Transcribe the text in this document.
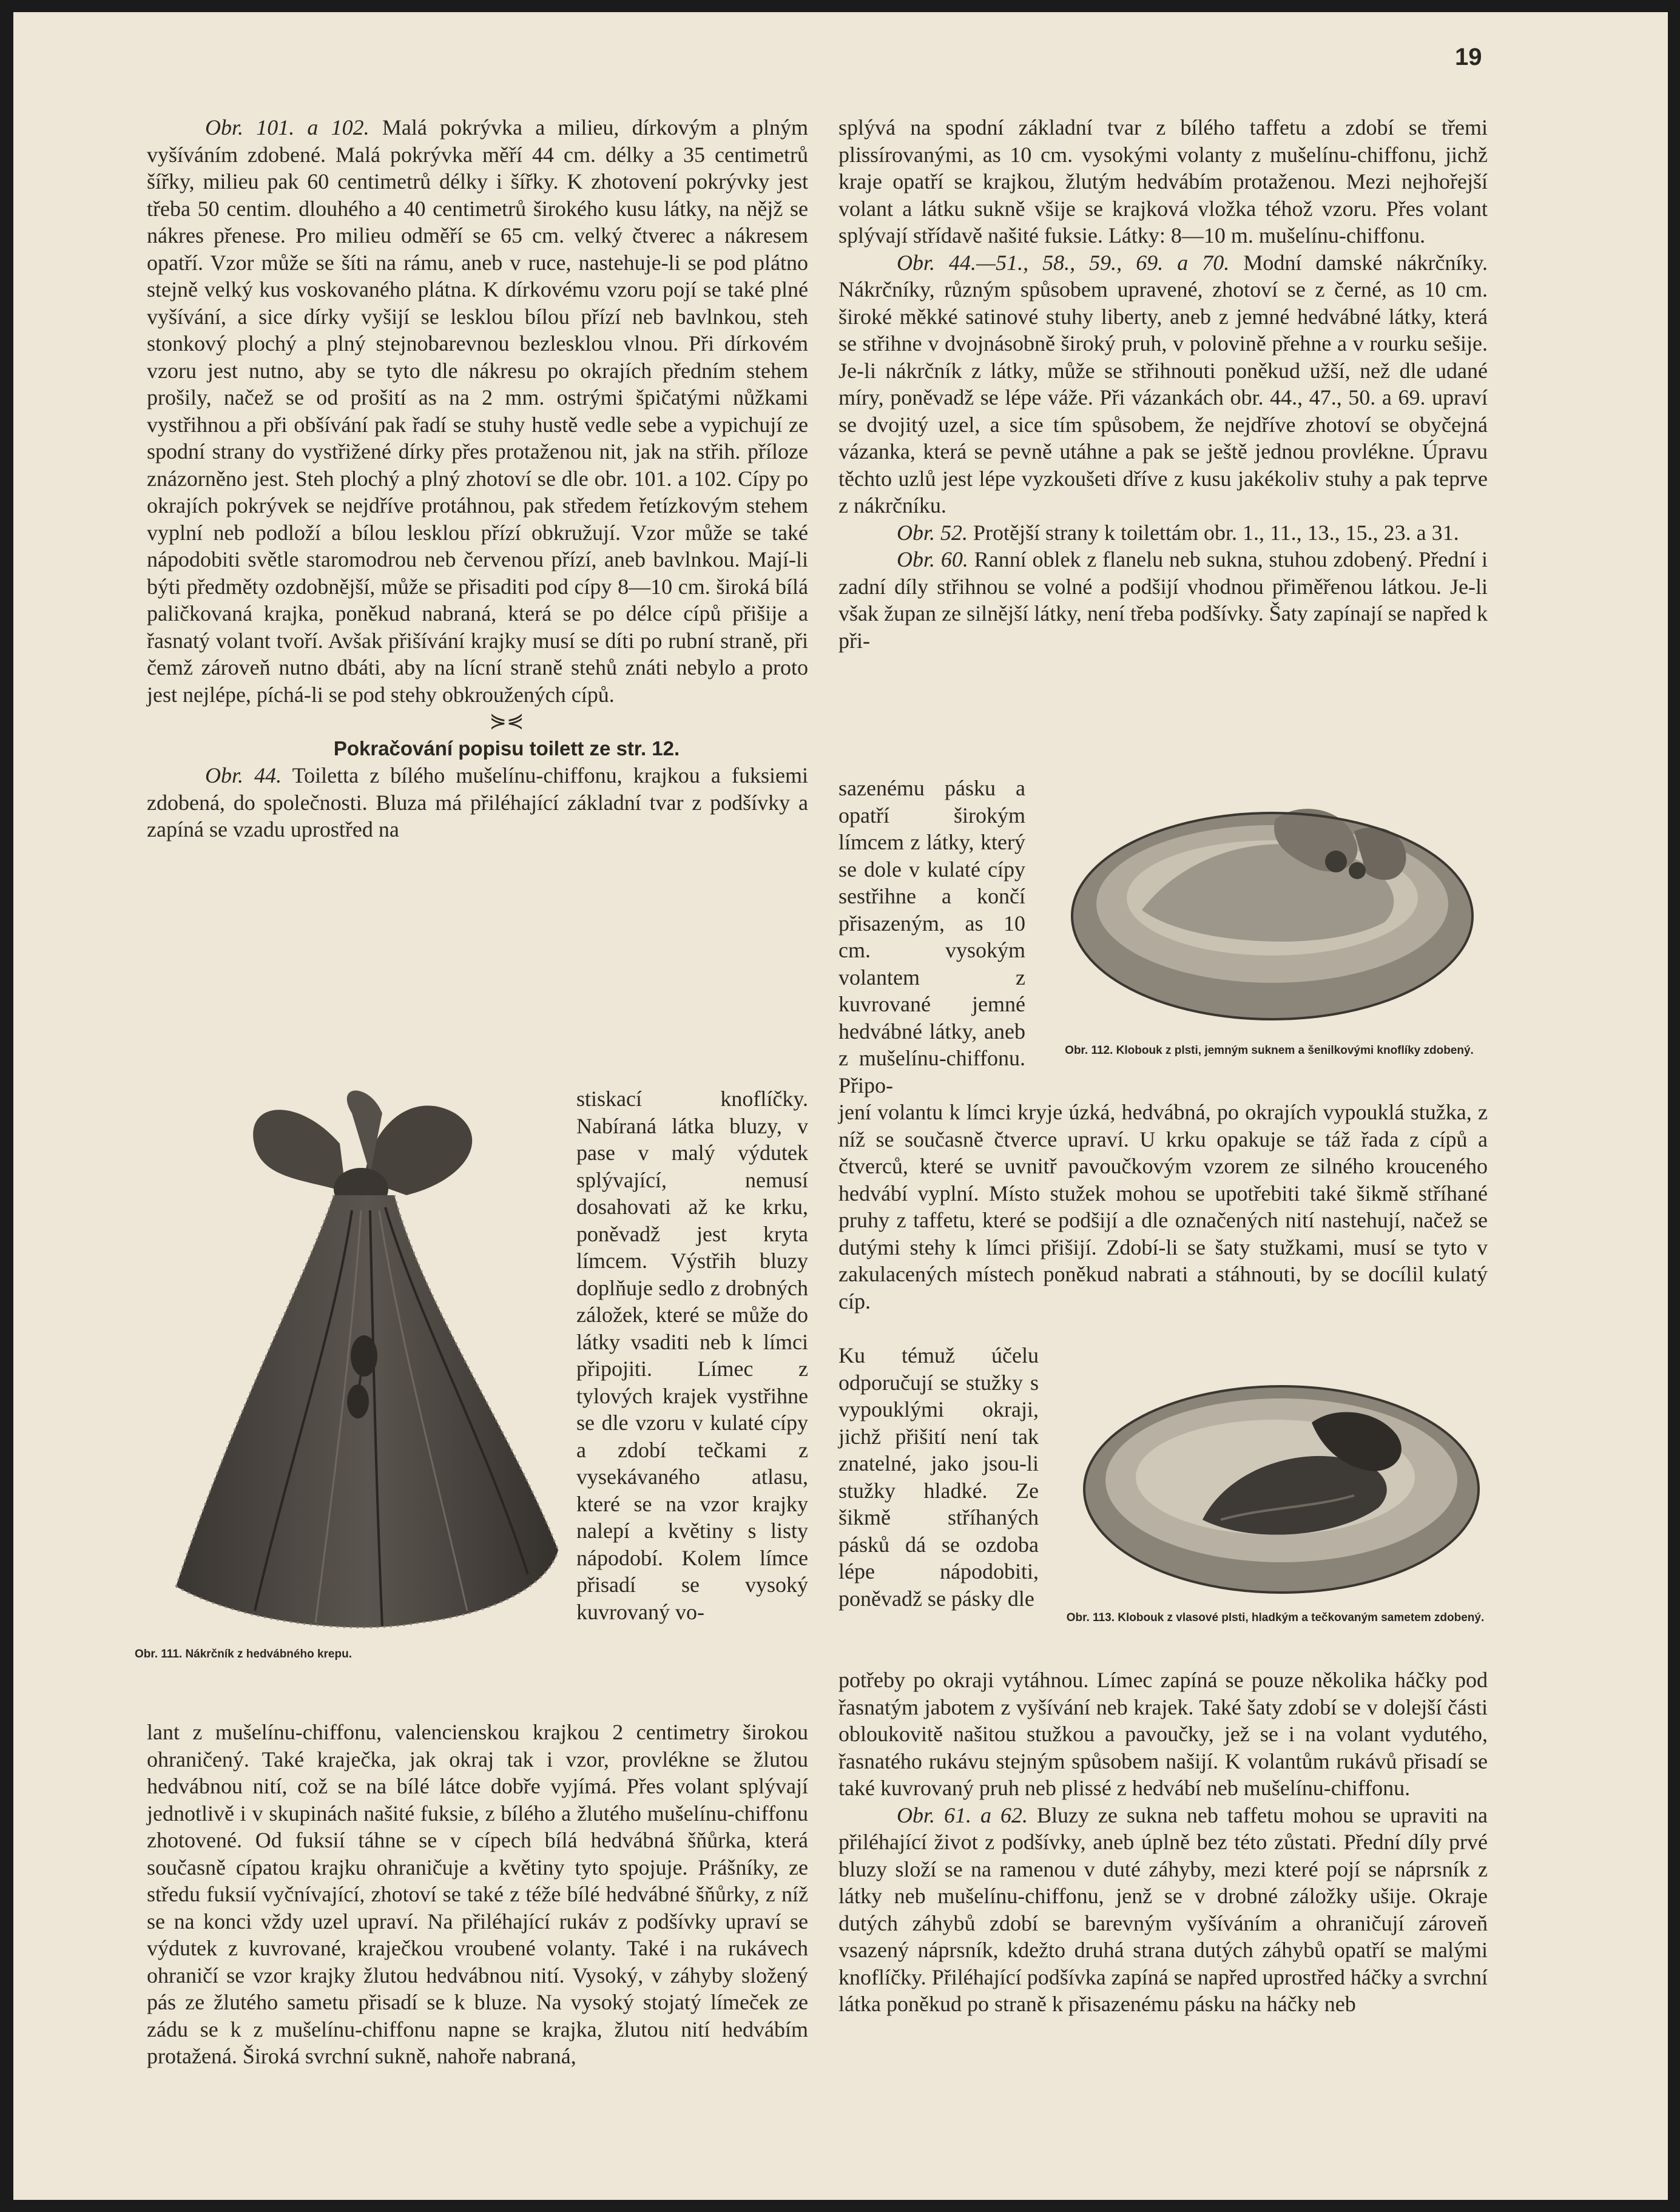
19

Obr. 101. a 102. Malá pokrývka a milieu, dírkovým a plným vyšíváním zdobené. Malá pokrývka měří 44 cm. délky a 35 centimetrů šířky, milieu pak 60 centimetrů délky i šířky. K zhotovení pokrývky jest třeba 50 centim. dlouhého a 40 centimetrů širokého kusu látky, na nějž se nákres přenese. Pro milieu odměří se 65 cm. velký čtverec a nákresem opatří. Vzor může se šíti na rámu, aneb v ruce, nastehuje-li se pod plátno stejně velký kus voskovaného plátna. K dírkovému vzoru pojí se také plné vyšívání, a sice dírky vyšijí se lesklou bílou přízí neb bavlnkou, steh stonkový plochý a plný stejnobarevnou bezlesklou vlnou. Při dírkovém vzoru jest nutno, aby se tyto dle nákresu po okrajích předním stehem prošily, načež se od prošití as na 2 mm. ostrými špičatými nůžkami vystřihnou a při obšívání pak řadí se stuhy hustě vedle sebe a vypichují ze spodní strany do vystřižené dírky přes protaženou nit, jak na střih. příloze znázorněno jest. Steh plochý a plný zhotoví se dle obr. 101. a 102. Cípy po okrajích pokrývek se nejdříve protáhnou, pak středem řetízkovým stehem vyplní neb podloží a bílou lesklou přízí obkružují. Vzor může se také nápodobiti světle staromodrou neb červenou přízí, aneb bavlnkou. Mají-li býti předměty ozdobnější, může se přisaditi pod cípy 8—10 cm. široká bílá paličkovaná krajka, poněkud nabraná, která se po délce cípů přišije a řasnatý volant tvoří. Avšak přišívání krajky musí se díti po rubní straně, při čemž zároveň nutno dbáti, aby na lícní straně stehů znáti nebylo a proto jest nejlépe, píchá-li se pod stehy obkroužených cípů.

⋟⋞

Pokračování popisu toilett ze str. 12.

Obr. 44. Toiletta z bílého mušelínu-chiffonu, krajkou a fuksiemi zdobená, do společnosti. Bluza má přiléhající základní tvar z podšívky a zapíná se vzadu uprostřed na

Obr. 111. Nákrčník z hedvábného krepu.

stiskací knoflíčky. Nabíraná látka bluzy, v pase v malý výdutek splývající, nemusí dosahovati až ke krku, poněvadž jest kryta límcem. Výstřih bluzy doplňuje sedlo z drobných záložek, které se může do látky vsaditi neb k límci připojiti. Límec z tylových krajek vystřihne se dle vzoru v kulaté cípy a zdobí tečkami z vysekávaného atlasu, které se na vzor krajky nalepí a květiny s listy nápodobí. Kolem límce přisadí se vysoký kuvrovaný vo-

lant z mušelínu-chiffonu, valencienskou krajkou 2 centimetry širokou ohraničený. Také kraječka, jak okraj tak i vzor, provlékne se žlutou hedvábnou nití, což se na bílé látce dobře vyjímá. Přes volant splývají jednotlivě i v skupinách našité fuksie, z bílého a žlutého mušelínu-chiffonu zhotovené. Od fuksií táhne se v cípech bílá hedvábná šňůrka, která současně cípatou krajku ohraničuje a květiny tyto spojuje. Prášníky, ze středu fuksií vyčnívající, zhotoví se také z téže bílé hedvábné šňůrky, z níž se na konci vždy uzel upraví. Na přiléhající rukáv z podšívky upraví se výdutek z kuvrované, kraječkou vroubené volanty. Také i na rukávech ohraničí se vzor krajky žlutou hedvábnou nití. Vysoký, v záhyby složený pás ze žlutého sametu přisadí se k bluze. Na vysoký stojatý límeček ze zádu se k z mušelínu-chiffonu napne se krajka, žlutou nití hedvábím protažená. Široká svrchní sukně, nahoře nabraná,

splývá na spodní základní tvar z bílého taffetu a zdobí se třemi plissírovanými, as 10 cm. vysokými volanty z mušelínu-chiffonu, jichž kraje opatří se krajkou, žlutým hedvábím protaženou. Mezi nejhořejší volant a látku sukně všije se krajková vložka téhož vzoru. Přes volant splývají střídavě našité fuksie. Látky: 8—10 m. mušelínu-chiffonu.

Obr. 44.—51., 58., 59., 69. a 70. Modní damské nákrčníky. Nákrčníky, různým spůsobem upravené, zhotoví se z černé, as 10 cm. široké měkké satinové stuhy liberty, aneb z jemné hedvábné látky, která se střihne v dvojnásobně široký pruh, v polovině přehne a v rourku sešije. Je-li nákrčník z látky, může se střihnouti poněkud užší, než dle udané míry, poněvadž se lépe váže. Při vázankách obr. 44., 47., 50. a 69. upraví se dvojitý uzel, a sice tím spůsobem, že nejdříve zhotoví se obyčejná vázanka, která se pevně utáhne a pak se ještě jednou provlékne. Úpravu těchto uzlů jest lépe vyzkoušeti dříve z kusu jakékoliv stuhy a pak teprve z nákrčníku.

Obr. 52. Protější strany k toilettám obr. 1., 11., 13., 15., 23. a 31.

Obr. 60. Ranní oblek z flanelu neb sukna, stuhou zdobený. Přední i zadní díly střihnou se volné a podšijí vhodnou přiměřenou látkou. Je-li však župan ze silnější látky, není třeba podšívky. Šaty zapínají se napřed k při-

sazenému pásku a opatří širokým límcem z látky, který se dole v kulaté cípy sestřihne a končí přisazeným, as 10 cm. vysokým volantem z kuvrované jemné hedvábné látky, aneb z mušelínu-chiffonu. Připo-

Obr. 112. Klobouk z plsti, jemným suknem a šenilkovými knoflíky zdobený.

jení volantu k límci kryje úzká, hedvábná, po okrajích vypouklá stužka, z níž se současně čtverce upraví. U krku opakuje se táž řada z cípů a čtverců, které se uvnitř pavoučkovým vzorem ze silného krouceného hedvábí vyplní. Místo stužek mohou se upotřebiti také šikmě stříhané pruhy z taffetu, které se podšijí a dle označených nití nastehují, načež se dutými stehy k límci přišijí. Zdobí-li se šaty stužkami, musí se tyto v zakulacených místech poněkud nabrati a stáhnouti, by se docílil kulatý cíp.

Ku témuž účelu odporučují se stužky s vypouklými okraji, jichž přišití není tak znatelné, jako jsou-li stužky hladké. Ze šikmě stříhaných pásků dá se ozdoba lépe nápodobiti, poněvadž se pásky dle

Obr. 113. Klobouk z vlasové plsti, hladkým a tečkovaným sametem zdobený.

potřeby po okraji vytáhnou. Límec zapíná se pouze několika háčky pod řasnatým jabotem z vyšívání neb krajek. Také šaty zdobí se v dolejší části obloukovitě našitou stužkou a pavoučky, jež se i na volant vydutého, řasnatého rukávu stejným spůsobem našijí. K volantům rukávů přisadí se také kuvrovaný pruh neb plissé z hedvábí neb mušelínu-chiffonu.

Obr. 61. a 62. Bluzy ze sukna neb taffetu mohou se upraviti na přiléhající život z podšívky, aneb úplně bez této zůstati. Přední díly prvé bluzy složí se na ramenou v duté záhyby, mezi které pojí se náprsník z látky neb mušelínu-chiffonu, jenž se v drobné záložky ušije. Okraje dutých záhybů zdobí se barevným vyšíváním a ohraničují zároveň vsazený náprsník, kdežto druhá strana dutých záhybů opatří se malými knoflíčky. Přiléhající podšívka zapíná se napřed uprostřed háčky a svrchní látka poněkud po straně k přisazenému pásku na háčky neb
